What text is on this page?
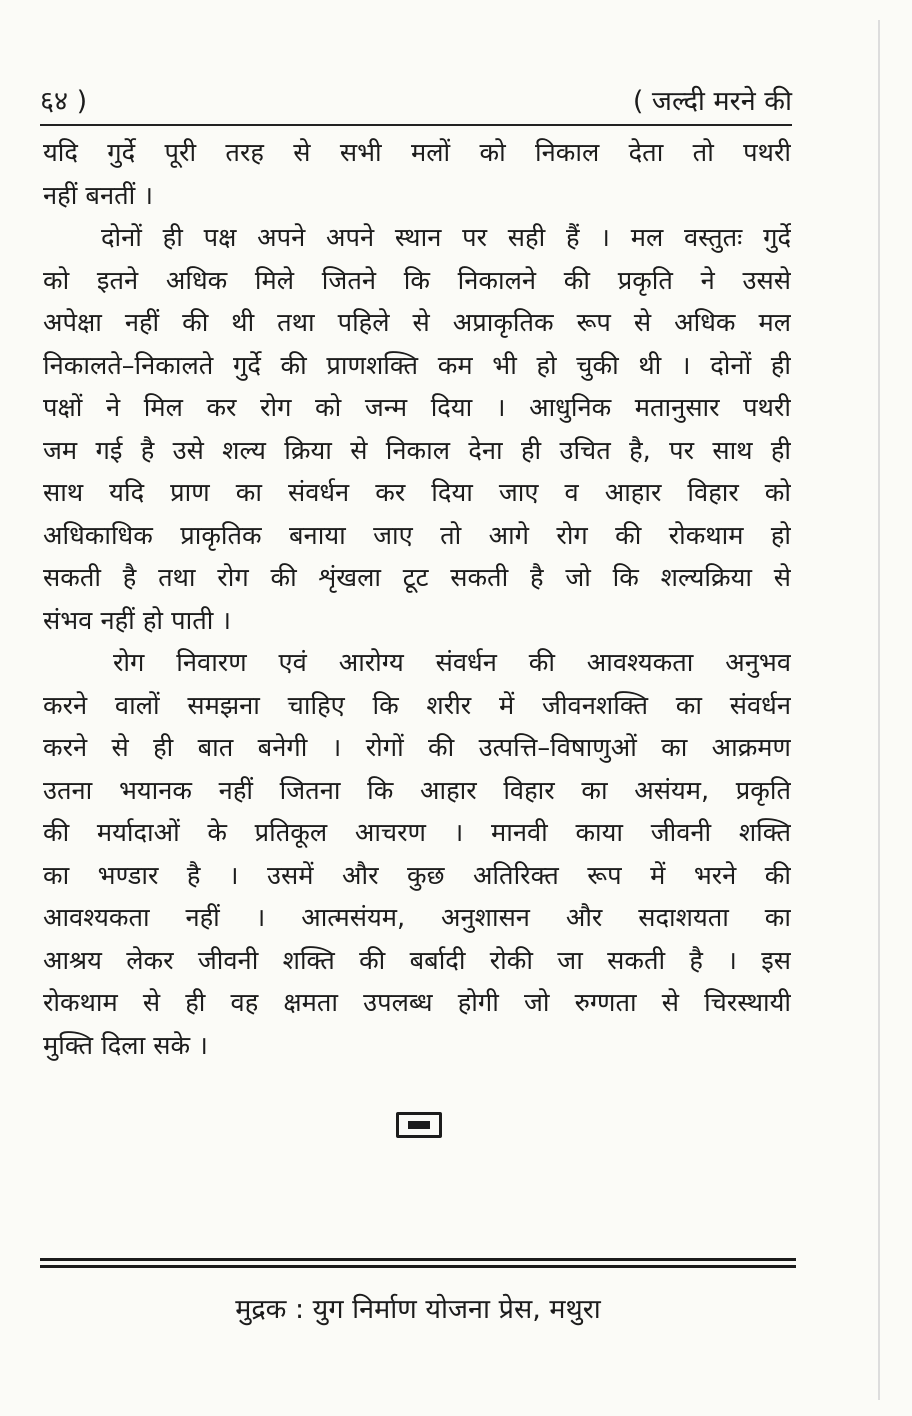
६४ )	( जल्दी मरने की
यदि गुर्दे पूरी तरह से सभी मलों को निकाल देता तो पथरी
नहीं बनतीं ।
दोनों ही पक्ष अपने अपने स्थान पर सही हैं । मल वस्तुतः गुर्दे
को इतने अधिक मिले जितने कि निकालने की प्रकृति ने उससे
अपेक्षा नहीं की थी तथा पहिले से अप्राकृतिक रूप से अधिक मल
निकालते–निकालते गुर्दे की प्राणशक्ति कम भी हो चुकी थी । दोनों ही
पक्षों ने मिल कर रोग को जन्म दिया । आधुनिक मतानुसार पथरी
जम गई है उसे शल्य क्रिया से निकाल देना ही उचित है, पर साथ ही
साथ यदि प्राण का संवर्धन कर दिया जाए व आहार विहार को
अधिकाधिक प्राकृतिक बनाया जाए तो आगे रोग की रोकथाम हो
सकती है तथा रोग की शृंखला टूट सकती है जो कि शल्यक्रिया से
संभव नहीं हो पाती ।
रोग निवारण एवं आरोग्य संवर्धन की आवश्यकता अनुभव
करने वालों समझना चाहिए कि शरीर में जीवनशक्ति का संवर्धन
करने से ही बात बनेगी । रोगों की उत्पत्ति–विषाणुओं का आक्रमण
उतना भयानक नहीं जितना कि आहार विहार का असंयम, प्रकृति
की मर्यादाओं के प्रतिकूल आचरण । मानवी काया जीवनी शक्ति
का भण्डार है । उसमें और कुछ अतिरिक्त रूप में भरने की
आवश्यकता नहीं । आत्मसंयम, अनुशासन और सदाशयता का
आश्रय लेकर जीवनी शक्ति की बर्बादी रोकी जा सकती है । इस
रोकथाम से ही वह क्षमता उपलब्ध होगी जो रुग्णता से चिरस्थायी
मुक्ति दिला सके ।
मुद्रक : युग निर्माण योजना प्रेस, मथुरा
